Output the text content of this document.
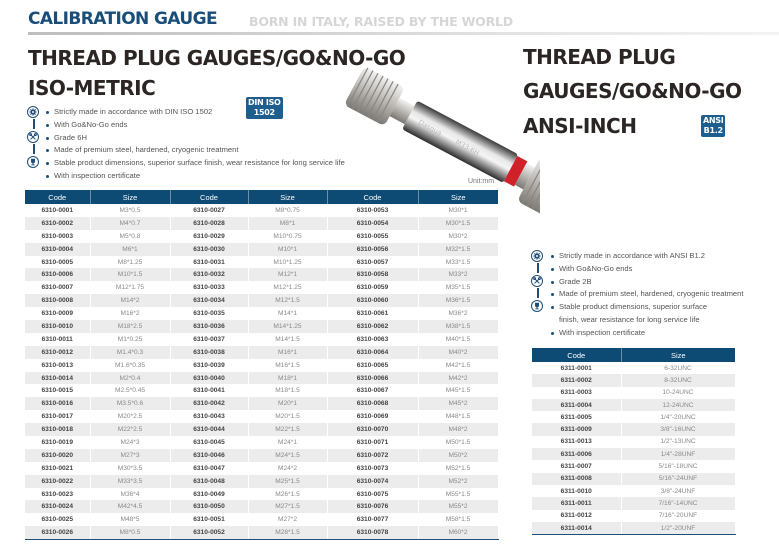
CALIBRATION GAUGE	BORN IN ITALY, RAISED BY THE WORLD
THREAD PLUG GAUGES/GO&NO-GO
ISO-METRIC
DIN ISO
1502
Strictly made in accordance with DIN ISO 1502
With Go&No-Go ends
Grade 6H
Made of premium steel, hardened, cryogenic treatment
Stable product dimensions, superior surface finish, wear resistance for long service life
With inspection certificate
Dasqua
M33-6H
Unit:mm
Code	Size	Code	Size	Code	Size
6310-0001	M3*0.5	6310-0027	M8*0.75	6310-0053	M30*1
6310-0002	M4*0.7	6310-0028	M8*1	6310-0054	M30*1.5
6310-0003	M5*0.8	6310-0029	M10*0.75	6310-0055	M30*2
6310-0004	M6*1	6310-0030	M10*1	6310-0056	M32*1.5
6310-0005	M8*1.25	6310-0031	M10*1.25	6310-0057	M33*1.5
6310-0006	M10*1.5	6310-0032	M12*1	6310-0058	M33*2
6310-0007	M12*1.75	6310-0033	M12*1.25	6310-0059	M35*1.5
6310-0008	M14*2	6310-0034	M12*1.5	6310-0060	M36*1.5
6310-0009	M16*2	6310-0035	M14*1	6310-0061	M36*2
6310-0010	M18*2.5	6310-0036	M14*1.25	6310-0062	M38*1.5
6310-0011	M1*0.25	6310-0037	M14*1.5	6310-0063	M40*1.5
6310-0012	M1.4*0.3	6310-0038	M16*1	6310-0064	M40*2
6310-0013	M1.6*0.35	6310-0039	M16*1.5	6310-0065	M42*1.5
6310-0014	M2*0.4	6310-0040	M18*1	6310-0066	M42*2
6310-0015	M2.5*0.45	6310-0041	M18*1.5	6310-0067	M45*1.5
6310-0016	M3.5*0.6	6310-0042	M20*1	6310-0068	M45*2
6310-0017	M20*2.5	6310-0043	M20*1.5	6310-0069	M48*1.5
6310-0018	M22*2.5	6310-0044	M22*1.5	6310-0070	M48*2
6310-0019	M24*3	6310-0045	M24*1	6310-0071	M50*1.5
6310-0020	M27*3	6310-0046	M24*1.5	6310-0072	M50*2
6310-0021	M30*3.5	6310-0047	M24*2	6310-0073	M52*1.5
6310-0022	M33*3.5	6310-0048	M25*1.5	6310-0074	M52*2
6310-0023	M36*4	6310-0049	M26*1.5	6310-0075	M55*1.5
6310-0024	M42*4.5	6310-0050	M27*1.5	6310-0076	M55*2
6310-0025	M48*5	6310-0051	M27*2	6310-0077	M58*1.5
6310-0026	M8*0.5	6310-0052	M28*1.5	6310-0078	M60*2
THREAD PLUG
GAUGES/GO&NO-GO
ANSI-INCH	ANSI
B1.2
Strictly made in accordance with ANSI B1.2
With Go&No-Go ends
Grade 2B
Made of premium steel, hardened, cryogenic treatment
Stable product dimensions, superior surface
finish, wear resistance for long service life
With inspection certificate
Code	Size
6311-0001	6-32UNC
6311-0002	8-32UNC
6311-0003	10-24UNC
6311-0004	12-24UNC
6311-0005	1/4"-20UNC
6311-0009	3/8"-16UNC
6311-0013	1/2"-13UNC
6311-0006	1/4"-28UNF
6311-0007	5/16"-18UNC
6311-0008	5/16"-24UNF
6311-0010	3/8"-24UNF
6311-0011	7/16"-14UNC
6311-0012	7/16"-20UNF
6311-0014	1/2"-20UNF
